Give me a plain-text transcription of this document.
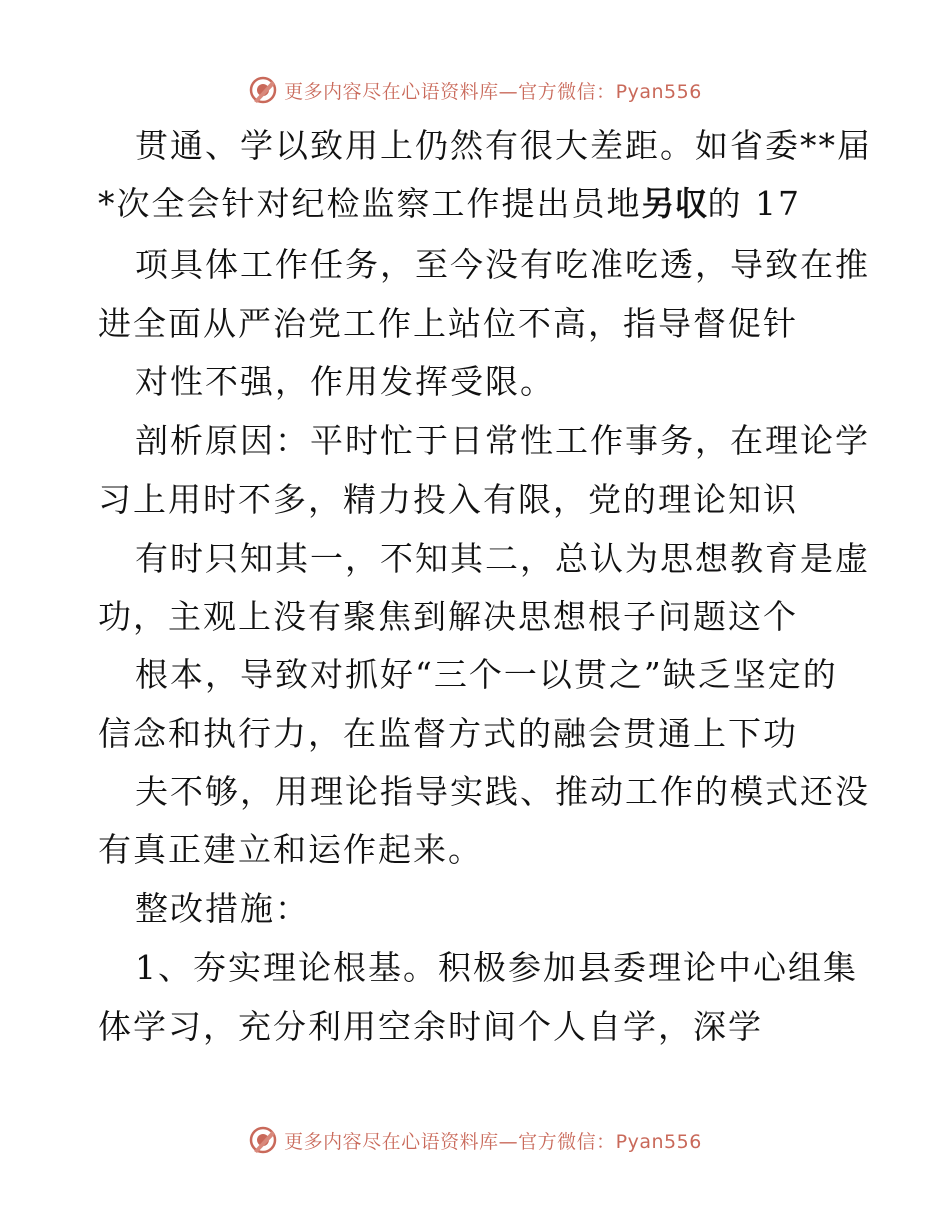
更多内容尽在心语资料库—官方微信：Pyan556
贯通、学以致用上仍然有很大差距。如省委**届
*次全会针对纪检监察工作提出员地另収的 17
项具体工作任务，至今没有吃准吃透，导致在推
进全面从严治党工作上站位不高，指导督促针
对性不强，作用发挥受限。
剖析原因：平时忙于日常性工作事务，在理论学
习上用时不多，精力投入有限，党的理论知识
有时只知其一，不知其二，总认为思想教育是虚
功，主观上没有聚焦到解决思想根子问题这个
根本，导致对抓好“三个一以贯之”缺乏坚定的
信念和执行力，在监督方式的融会贯通上下功
夫不够，用理论指导实践、推动工作的模式还没
有真正建立和运作起来。
整改措施：
1、夯实理论根基。积极参加县委理论中心组集
体学习，充分利用空余时间个人自学，深学
更多内容尽在心语资料库—官方微信：Pyan556
